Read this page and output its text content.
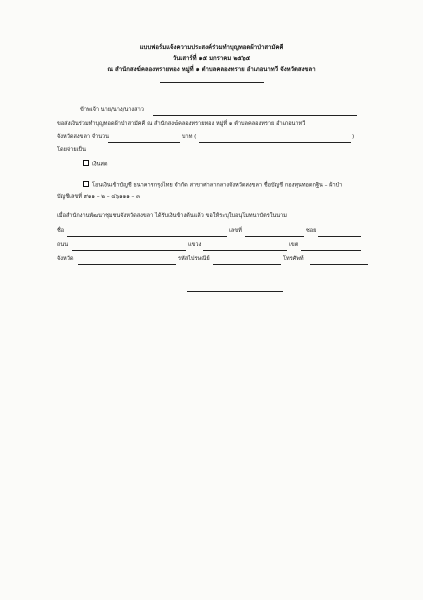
แบบฟอร์มแจ้งความประสงค์ร่วมทำบุญทอดผ้าป่าสามัคคี
วันเสาร์ที่ ๑๕ มกราคม ๒๕๖๕
ณ สำนักสงฆ์คลองทรายทอง หมู่ที่ ๑ ตำบลคลองทราย อำเภอนาทวี จังหวัดสงขลา
ข้าพเจ้า นาย/นาง/นางสาว
ขอส่งเงินร่วมทำบุญทอดผ้าป่าสามัคคี ณ สำนักสงฆ์คลองทรายทอง หมู่ที่ ๑ ตำบลคลองทราย อำเภอนาทวี
จังหวัดสงขลา จำนวน	บาท (	)
โดยจ่ายเป็น
เงินสด
โอนเงินเข้าบัญชี ธนาคารกรุงไทย จำกัด สาขาศาลากลางจังหวัดสงขลา ชื่อบัญชี กองทุนทอดกฐิน – ผ้าป่า
บัญชีเลขที่ ๙๑๑ – ๒ – ๔๖๑๑๑ – ๓
เมื่อสำนักงานพัฒนาชุมชนจังหวัดสงขลา ได้รับเงินข้างต้นแล้ว ขอให้ระบุใบอนุโมทนาบัตรในนาม
ชื่อ	เลขที่	ซอย
ถนน	แขวง	เขต
จังหวัด	รหัสไปรษณีย์	โทรศัพท์
